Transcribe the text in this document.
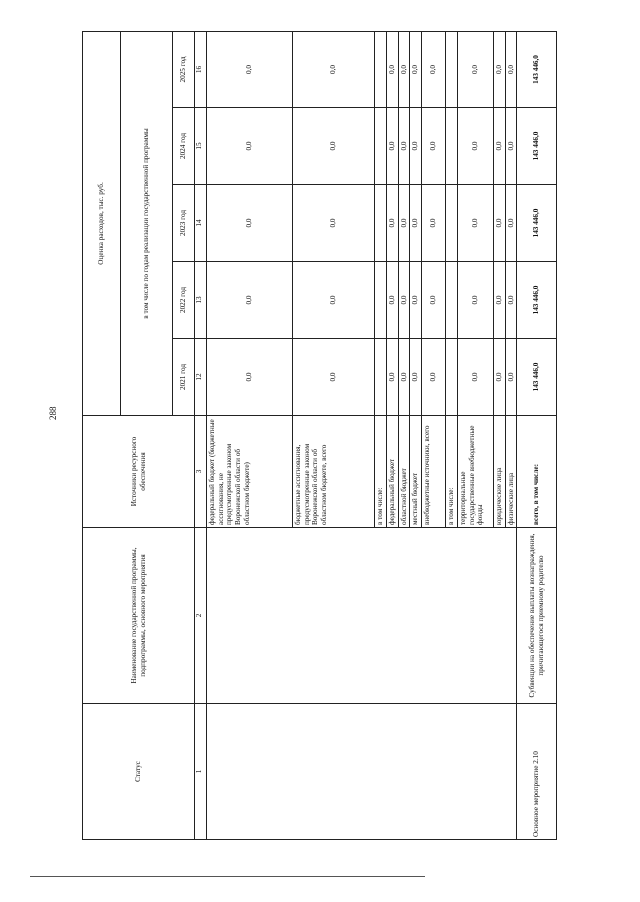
288
Статус	Наименование государственной программы, подпрограммы, основного мероприятия	Источники ресурсного обеспечения	Оценка расходов, тыс. руб.				
			в том числе по годам реализации государственной программы				
			2021 год	2022 год	2023 год	2024 год	2025 год
1	2	3	12	13	14	15	16
		федеральный бюджет (бюджетные ассигнования, не предусмотренные законом Воронежской области об областном бюджете)	0,0	0,0	0,0	0,0	0,0
		бюджетные ассигнования, предусмотренные законом Воронежской области об областном бюджете, всего	0,0	0,0	0,0	0,0	0,0
		в том числе:					
		федеральный бюджет	0,0	0,0	0,0	0,0	0,0
		областной бюджет	0,0	0,0	0,0	0,0	0,0
		местный бюджет	0,0	0,0	0,0	0,0	0,0
		внебюджетные источники, всего	0,0	0,0	0,0	0,0	0,0
		в том числе:					
		территориальные государственные внебюджетные фонды	0,0	0,0	0,0	0,0	0,0
		юридические лица	0,0	0,0	0,0	0,0	0,0
		физические лица	0,0	0,0	0,0	0,0	0,0
Основное мероприятие 2.10	Субвенции на обеспечение выплаты вознаграждения, причитающегося приемному родителю	всего, в том числе:	143 446,0	143 446,0	143 446,0	143 446,0	143 446,0
